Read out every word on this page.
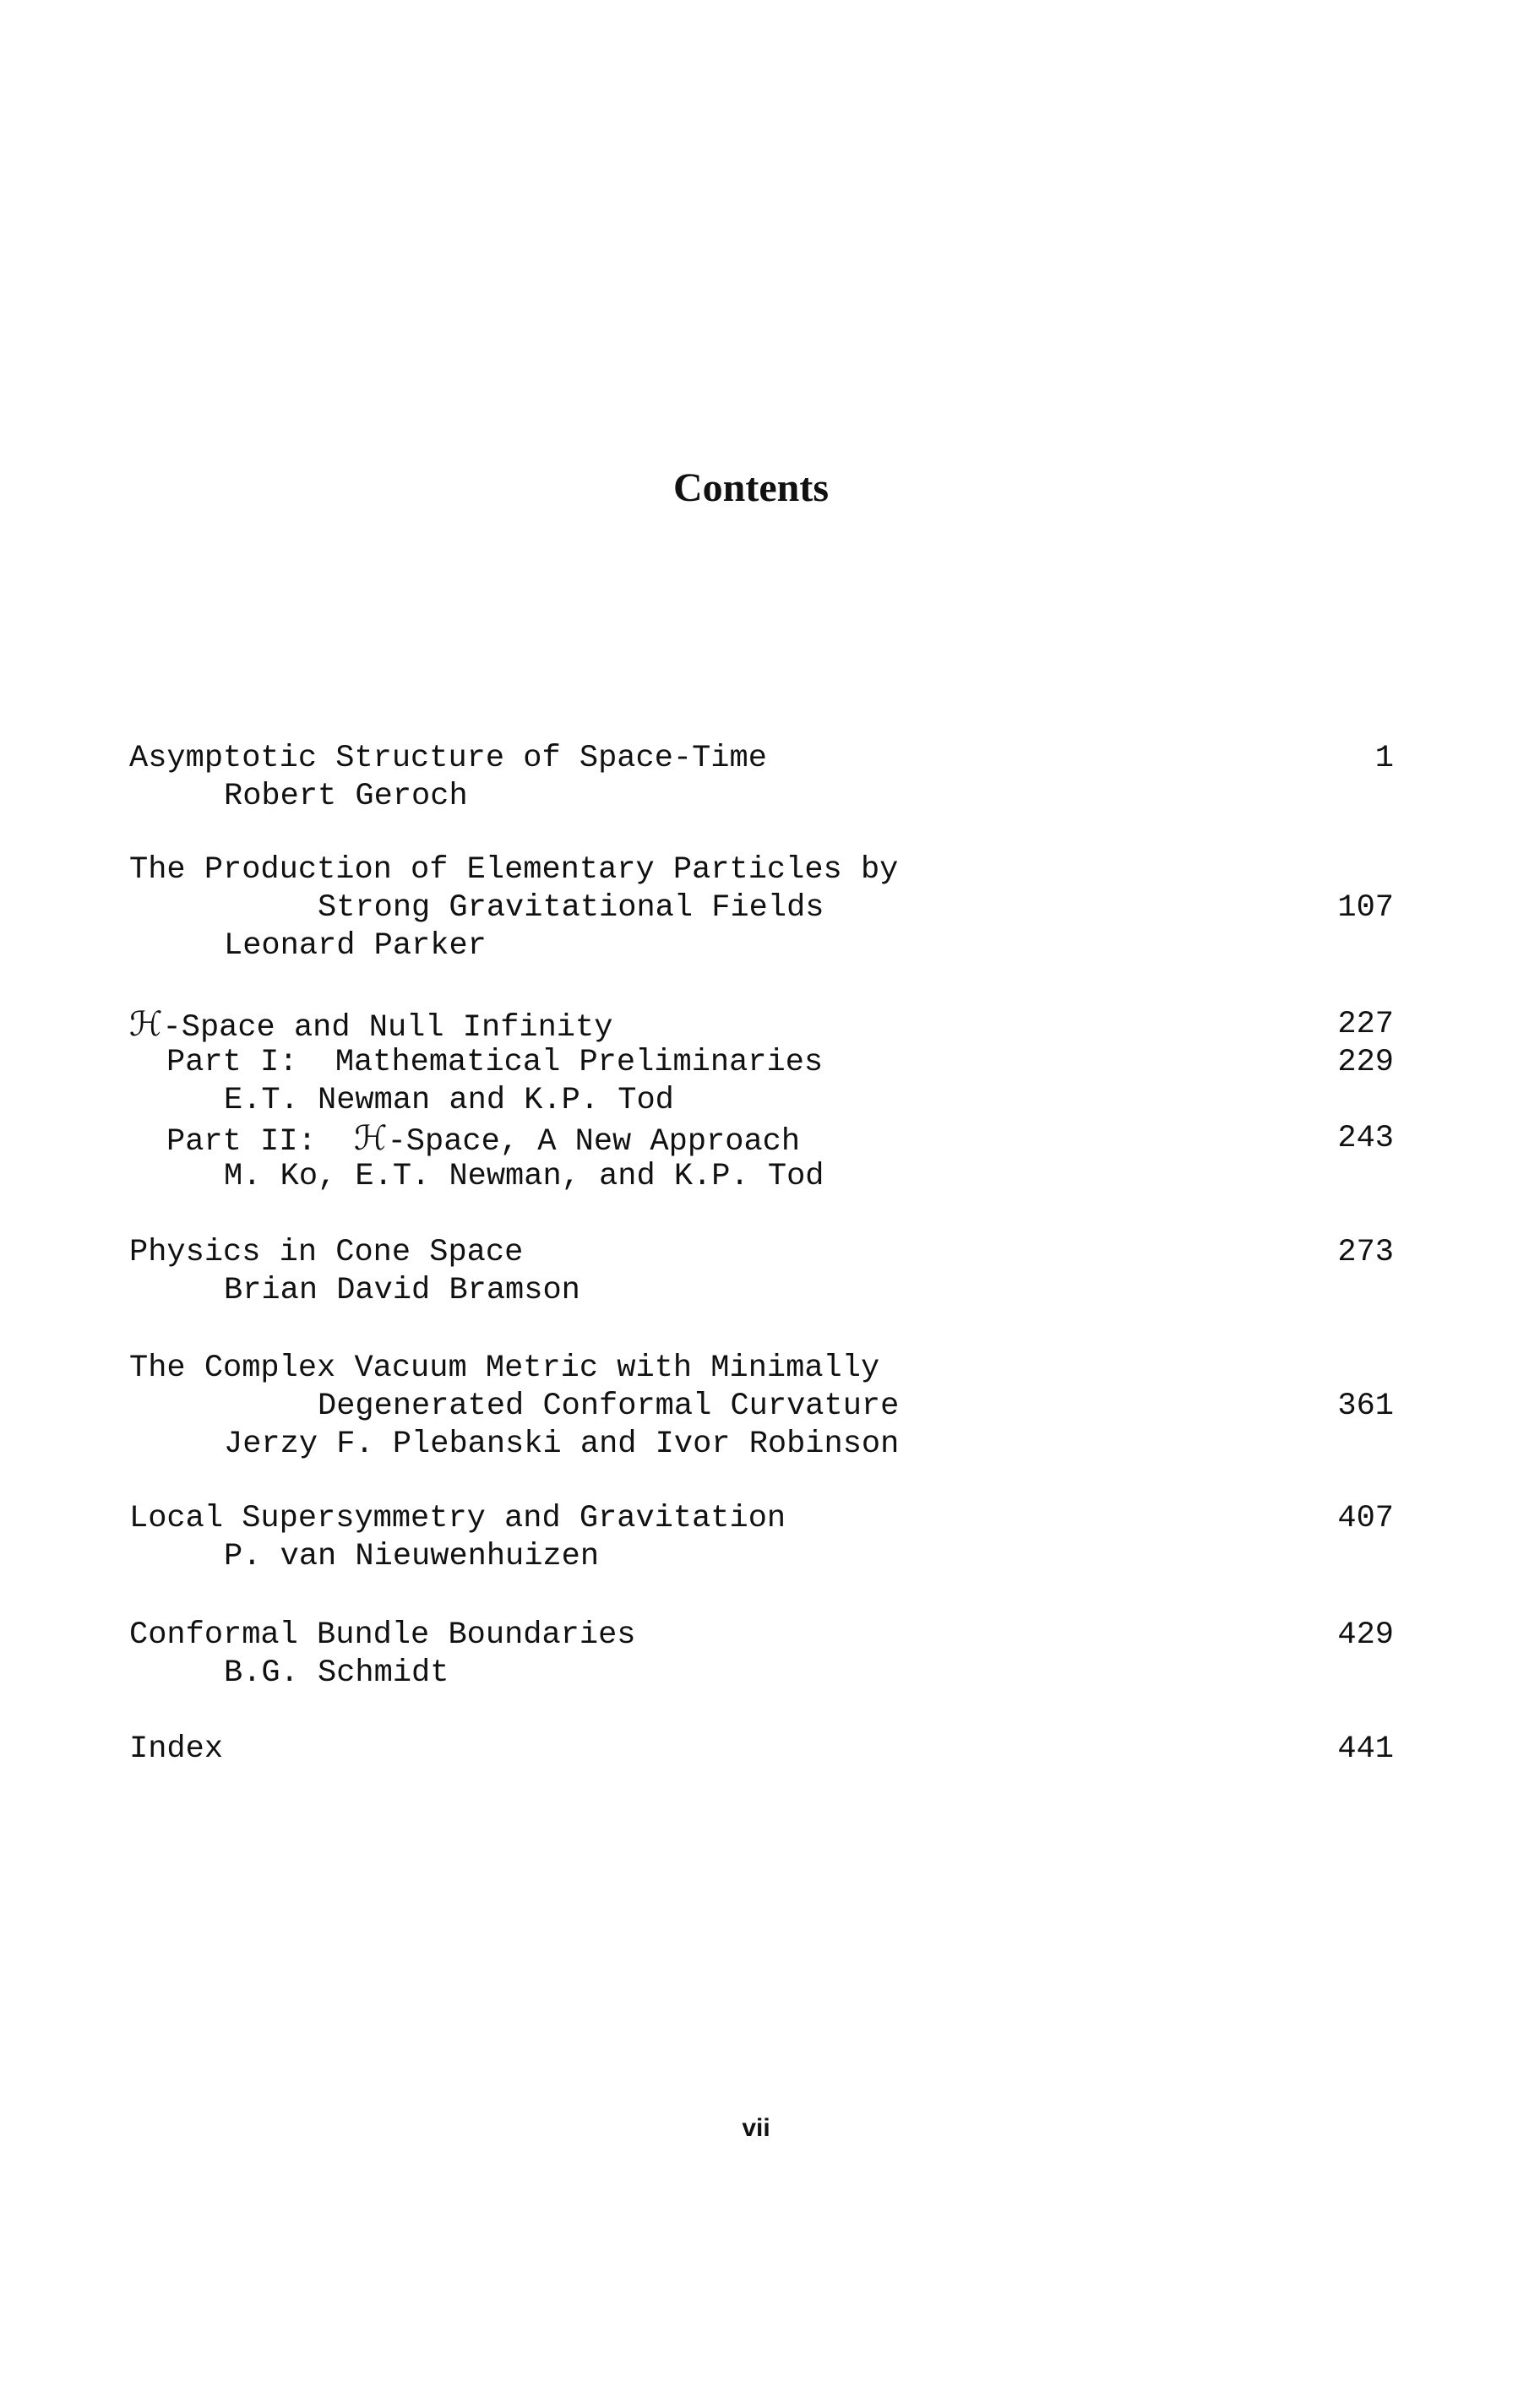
Contents
Asymptotic Structure of Space-Time	1
Robert Geroch
The Production of Elementary Particles by
Strong Gravitational Fields	107
Leonard Parker
ℋ-Space and Null Infinity	227
Part I:  Mathematical Preliminaries	229
E.T. Newman and K.P. Tod
Part II:  ℋ-Space, A New Approach	243
M. Ko, E.T. Newman, and K.P. Tod
Physics in Cone Space	273
Brian David Bramson
The Complex Vacuum Metric with Minimally
Degenerated Conformal Curvature	361
Jerzy F. Plebanski and Ivor Robinson
Local Supersymmetry and Gravitation	407
P. van Nieuwenhuizen
Conformal Bundle Boundaries	429
B.G. Schmidt
Index	441
vii
